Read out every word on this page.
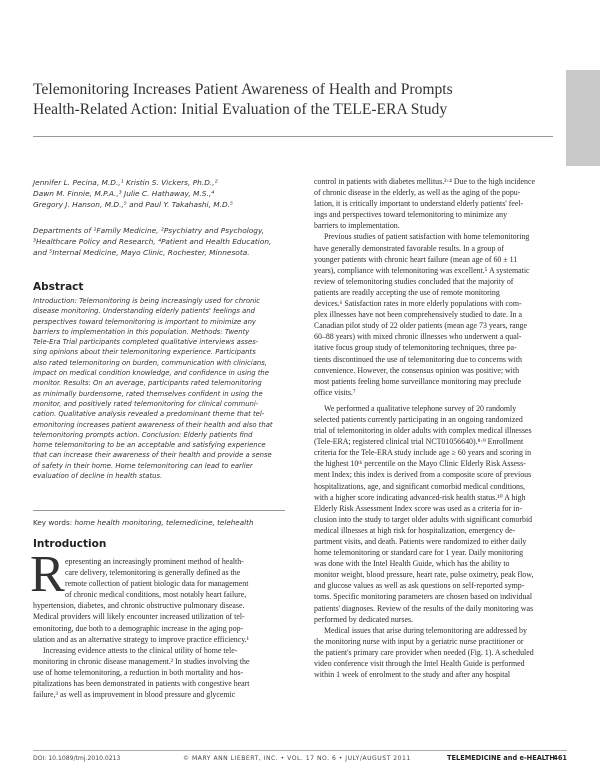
Telemonitoring Increases Patient Awareness of Health and Prompts
Health-Related Action: Initial Evaluation of the TELE-ERA Study
Jennifer L. Pecina, M.D.,¹ Kristin S. Vickers, Ph.D.,²
Dawn M. Finnie, M.P.A.,³ Julie C. Hathaway, M.S.,⁴
Gregory J. Hanson, M.D.,⁵ and Paul Y. Takahashi, M.D.⁵
Departments of ¹Family Medicine, ²Psychiatry and Psychology,
³Healthcare Policy and Research, ⁴Patient and Health Education,
and ⁵Internal Medicine, Mayo Clinic, Rochester, Minnesota.
Abstract
Introduction: Telemonitoring is being increasingly used for chronic
disease monitoring. Understanding elderly patients' feelings and
perspectives toward telemonitoring is important to minimize any
barriers to implementation in this population. Methods: Twenty
Tele-Era Trial participants completed qualitative interviews asses-
sing opinions about their telemonitoring experience. Participants
also rated telemonitoring on burden, communication with clinicians,
impact on medical condition knowledge, and confidence in using the
monitor. Results: On an average, participants rated telemonitoring
as minimally burdensome, rated themselves confident in using the
monitor, and positively rated telemonitoring for clinical communi-
cation. Qualitative analysis revealed a predominant theme that tel-
emonitoring increases patient awareness of their health and also that
telemonitoring prompts action. Conclusion: Elderly patients find
home telemonitoring to be an acceptable and satisfying experience
that can increase their awareness of their health and provide a sense
of safety in their home. Home telemonitoring can lead to earlier
evaluation of decline in health status.
Key words: home health monitoring, telemedicine, telehealth
Introduction
R epresenting an increasingly prominent method of health-
care delivery, telemonitoring is generally defined as the
remote collection of patient biologic data for management
of chronic medical conditions, most notably heart failure,
hypertension, diabetes, and chronic obstructive pulmonary disease.
Medical providers will likely encounter increased utilization of tel-
emonitoring, due both to a demographic increase in the aging pop-
ulation and as an alternative strategy to improve practice efficiency.¹
Increasing evidence attests to the clinical utility of home tele-
monitoring in chronic disease management.² In studies involving the
use of home telemonitoring, a reduction in both mortality and hos-
pitalizations has been demonstrated in patients with congestive heart
failure,³ as well as improvement in blood pressure and glycemic
control in patients with diabetes mellitus.²·⁴ Due to the high incidence
of chronic disease in the elderly, as well as the aging of the popu-
lation, it is critically important to understand elderly patients' feel-
ings and perspectives toward telemonitoring to minimize any
barriers to implementation.
Previous studies of patient satisfaction with home telemonitoring
have generally demonstrated favorable results. In a group of
younger patients with chronic heart failure (mean age of 60 ± 11
years), compliance with telemonitoring was excellent.⁵ A systematic
review of telemonitoring studies concluded that the majority of
patients are readily accepting the use of remote monitoring
devices.⁶ Satisfaction rates in more elderly populations with com-
plex illnesses have not been comprehensively studied to date. In a
Canadian pilot study of 22 older patients (mean age 73 years, range
60–88 years) with mixed chronic illnesses who underwent a qual-
itative focus group study of telemonitoring techniques, three pa-
tients discontinued the use of telemonitoring due to concerns with
convenience. However, the consensus opinion was positive; with
most patients feeling home surveillance monitoring may preclude
office visits.⁷
We performed a qualitative telephone survey of 20 randomly
selected patients currently participating in an ongoing randomized
trial of telemonitoring in older adults with complex medical illnesses
(Tele-ERA; registered clinical trial NCT01056640).⁸·⁹ Enrollment
criteria for the Tele-ERA study include age ≥ 60 years and scoring in
the highest 10ᵗʰ percentile on the Mayo Clinic Elderly Risk Assess-
ment Index; this index is derived from a composite score of previous
hospitalizations, age, and significant comorbid medical conditions,
with a higher score indicating advanced-risk health status.¹⁰ A high
Elderly Risk Assessment Index score was used as a criteria for in-
clusion into the study to target older adults with significant comorbid
medical illnesses at high risk for hospitalization, emergency de-
partment visits, and death. Patients were randomized to either daily
home telemonitoring or standard care for 1 year. Daily monitoring
was done with the Intel Health Guide, which has the ability to
monitor weight, blood pressure, heart rate, pulse oximetry, peak flow,
and glucose values as well as ask questions on self-reported symp-
toms. Specific monitoring parameters are chosen based on individual
patients' diagnoses. Review of the results of the daily monitoring was
performed by dedicated nurses.
Medical issues that arise during telemonitoring are addressed by
the monitoring nurse with input by a geriatric nurse practitioner or
the patient's primary care provider when needed (Fig. 1). A scheduled
video conference visit through the Intel Health Guide is performed
within 1 week of enrolment to the study and after any hospital
DOI: 10.1089/tmj.2010.0213	© MARY ANN LIEBERT, INC. • VOL. 17 NO. 6 • JULY/AUGUST 2011	TELEMEDICINE and e-HEALTH
461
